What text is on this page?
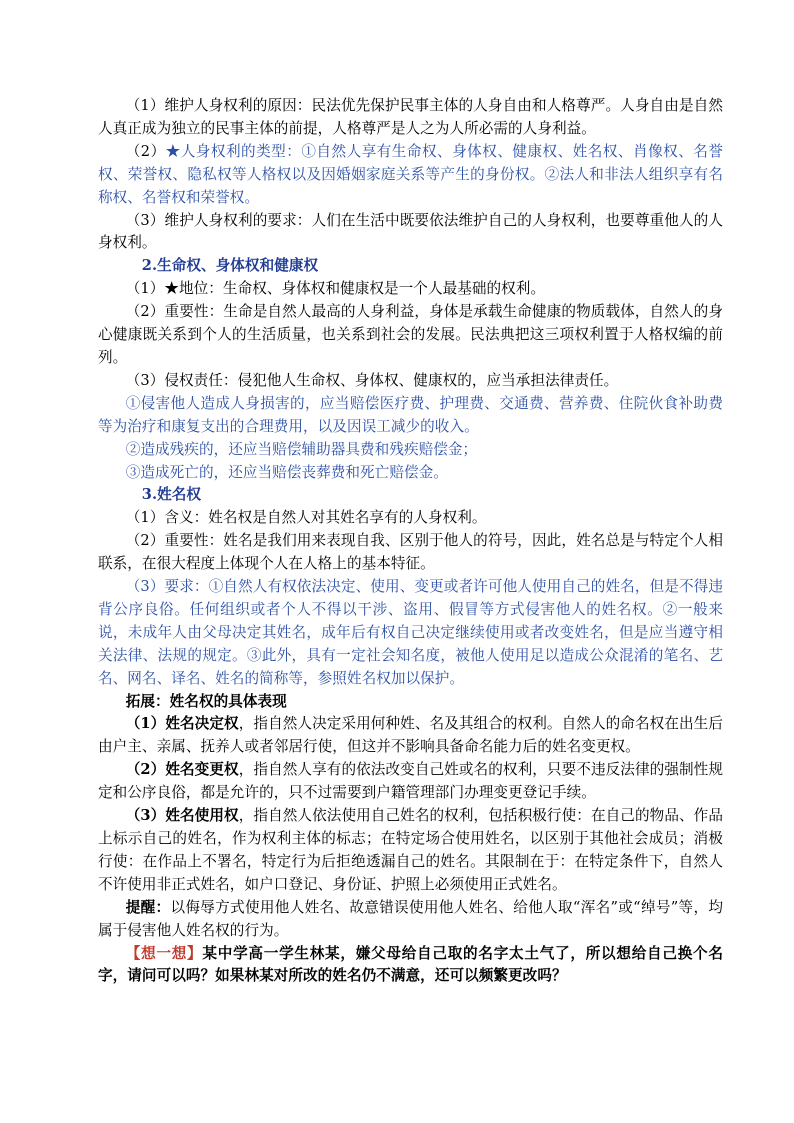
（1）维护人身权利的原因：民法优先保护民事主体的人身自由和人格尊严。人身自由是自然人真正成为独立的民事主体的前提，人格尊严是人之为人所必需的人身利益。

（2）★人身权利的类型：①自然人享有生命权、身体权、健康权、姓名权、肖像权、名誉权、荣誉权、隐私权等人格权以及因婚姻家庭关系等产生的身份权。②法人和非法人组织享有名称权、名誉权和荣誉权。

（3）维护人身权利的要求：人们在生活中既要依法维护自己的人身权利，也要尊重他人的人身权利。

2.生命权、身体权和健康权

（1）★地位：生命权、身体权和健康权是一个人最基础的权利。

（2）重要性：生命是自然人最高的人身利益，身体是承载生命健康的物质载体，自然人的身心健康既关系到个人的生活质量，也关系到社会的发展。民法典把这三项权利置于人格权编的前列。

（3）侵权责任：侵犯他人生命权、身体权、健康权的，应当承担法律责任。

①侵害他人造成人身损害的，应当赔偿医疗费、护理费、交通费、营养费、住院伙食补助费等为治疗和康复支出的合理费用，以及因误工减少的收入。

②造成残疾的，还应当赔偿辅助器具费和残疾赔偿金；

③造成死亡的，还应当赔偿丧葬费和死亡赔偿金。

3.姓名权

（1）含义：姓名权是自然人对其姓名享有的人身权利。

（2）重要性：姓名是我们用来表现自我、区别于他人的符号，因此，姓名总是与特定个人相联系，在很大程度上体现个人在人格上的基本特征。

（3）要求：①自然人有权依法决定、使用、变更或者许可他人使用自己的姓名，但是不得违背公序良俗。任何组织或者个人不得以干涉、盗用、假冒等方式侵害他人的姓名权。②一般来说，未成年人由父母决定其姓名，成年后有权自己决定继续使用或者改变姓名，但是应当遵守相关法律、法规的规定。③此外，具有一定社会知名度，被他人使用足以造成公众混淆的笔名、艺名、网名、译名、姓名的简称等，参照姓名权加以保护。

拓展：姓名权的具体表现

（1）姓名决定权，指自然人决定采用何种姓、名及其组合的权利。自然人的命名权在出生后由户主、亲属、抚养人或者邻居行使，但这并不影响具备命名能力后的姓名变更权。

（2）姓名变更权，指自然人享有的依法改变自己姓或名的权利，只要不违反法律的强制性规定和公序良俗，都是允许的，只不过需要到户籍管理部门办理变更登记手续。

（3）姓名使用权，指自然人依法使用自己姓名的权利，包括积极行使：在自己的物品、作品上标示自己的姓名，作为权利主体的标志；在特定场合使用姓名，以区别于其他社会成员；消极行使：在作品上不署名，特定行为后拒绝透漏自己的姓名。其限制在于：在特定条件下，自然人不许使用非正式姓名，如户口登记、身份证、护照上必须使用正式姓名。

提醒：以侮辱方式使用他人姓名、故意错误使用他人姓名、给他人取“浑名”或“绰号”等，均属于侵害他人姓名权的行为。

【想一想】某中学高一学生林某，嫌父母给自己取的名字太土气了，所以想给自己换个名字，请问可以吗？如果林某对所改的姓名仍不满意，还可以频繁更改吗？
